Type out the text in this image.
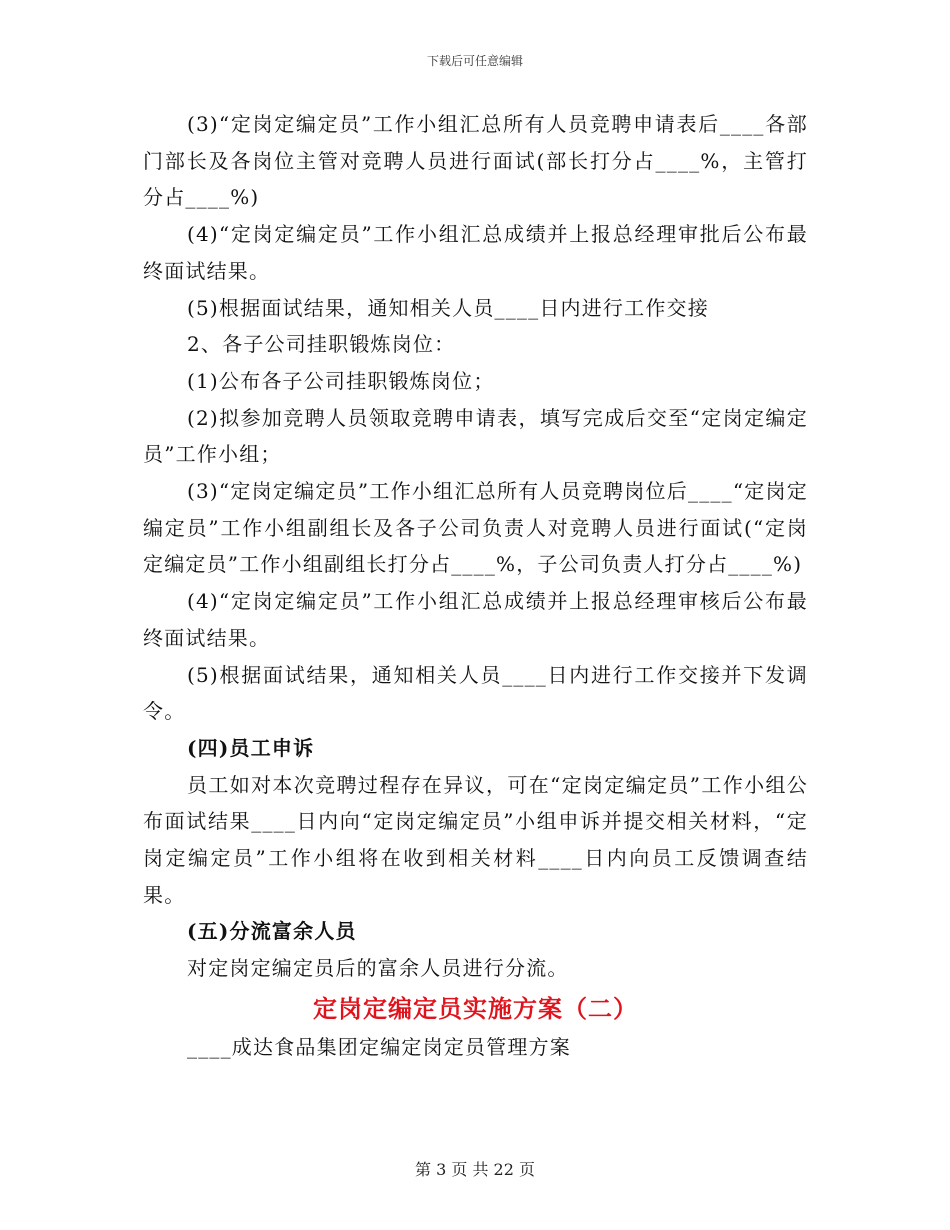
下载后可任意编辑

(3)“定岗定编定员”工作小组汇总所有人员竞聘申请表后____各部门部长及各岗位主管对竞聘人员进行面试(部长打分占____%，主管打分占____%)

(4)“定岗定编定员”工作小组汇总成绩并上报总经理审批后公布最终面试结果。

(5)根据面试结果，通知相关人员____日内进行工作交接

2、各子公司挂职锻炼岗位：

(1)公布各子公司挂职锻炼岗位；

(2)拟参加竞聘人员领取竞聘申请表，填写完成后交至“定岗定编定员”工作小组；

(3)“定岗定编定员”工作小组汇总所有人员竞聘岗位后____“定岗定编定员”工作小组副组长及各子公司负责人对竞聘人员进行面试(“定岗定编定员”工作小组副组长打分占____%，子公司负责人打分占____%)

(4)“定岗定编定员”工作小组汇总成绩并上报总经理审核后公布最终面试结果。

(5)根据面试结果，通知相关人员____日内进行工作交接并下发调令。

(四)员工申诉

员工如对本次竞聘过程存在异议，可在“定岗定编定员”工作小组公布面试结果____日内向“定岗定编定员”小组申诉并提交相关材料，“定岗定编定员”工作小组将在收到相关材料____日内向员工反馈调查结果。

(五)分流富余人员

对定岗定编定员后的富余人员进行分流。

定岗定编定员实施方案（二）

____成达食品集团定编定岗定员管理方案

第 3 页 共 22 页
